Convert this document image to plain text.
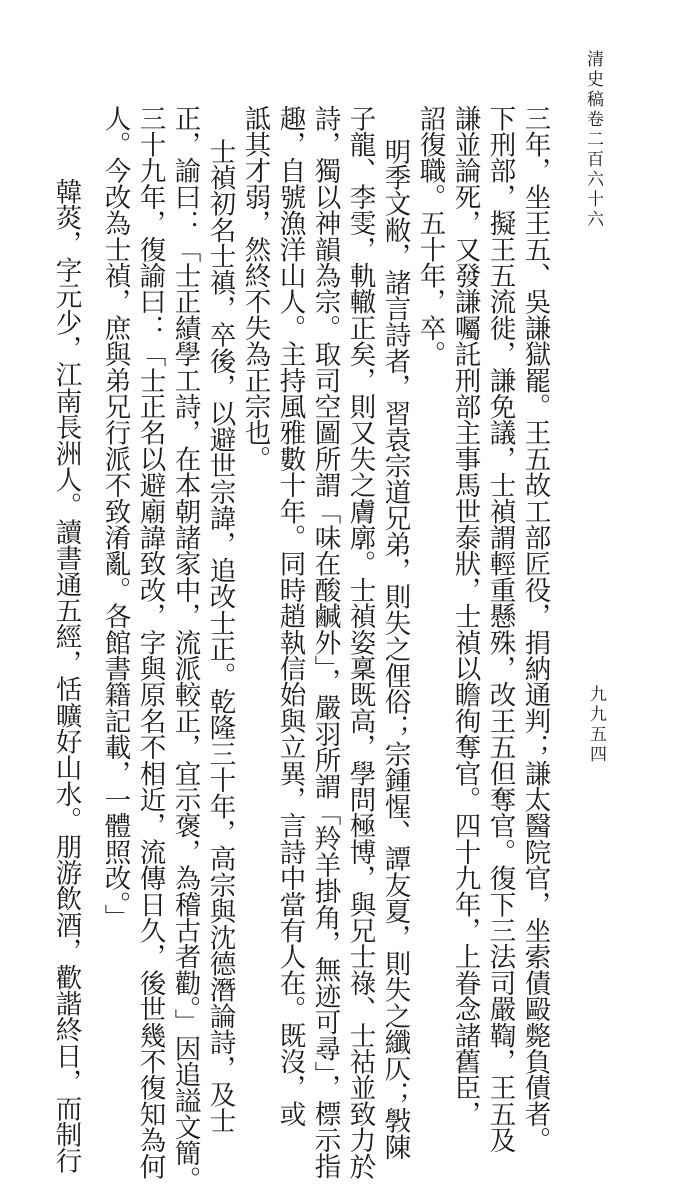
清史稿卷二百六十六
九九五四
三年，坐王五、吳謙獄罷。王五故工部匠役，捐納通判；謙太醫院官，坐索債毆斃負債者。
下刑部，擬王五流徙，謙免議，士禎謂輕重懸殊，改王五但奪官。復下三法司嚴鞫，王五及
謙並論死，又發謙囑託刑部主事馬世泰狀，士禎以瞻徇奪官。四十九年，上眷念諸舊臣，
詔復職。五十年，卒。
明季文敝，諸言詩者，習袁宗道兄弟，則失之俚俗；宗鍾惺、譚友夏，則失之纖仄；斅陳
子龍、李雯，軌轍正矣，則又失之膚廓。士禎姿稟既高，學問極博，與兄士祿、士祜並致力於
詩，獨以神韻為宗。取司空圖所謂「味在酸鹹外」，嚴羽所謂「羚羊掛角，無迹可尋」，標示指
趣，自號漁洋山人。主持風雅數十年。同時趙執信始與立異，言詩中當有人在。既沒，或
詆其才弱，然終不失為正宗也。
士禎初名士禛，卒後，以避世宗諱，追改士正。乾隆三十年，高宗與沈德潛論詩，及士
正，諭曰：「士正績學工詩，在本朝諸家中，流派較正，宜示褒，為稽古者勸。」因追謚文簡。
三十九年，復諭曰：「士正名以避廟諱致改，字與原名不相近，流傳日久，後世幾不復知為何
人。今改為士禎，庶與弟兄行派不致淆亂。各館書籍記載，一體照改。」
韓菼，字元少，江南長洲人。讀書通五經，恬曠好山水。朋游飲酒，歡諧終日，而制行
